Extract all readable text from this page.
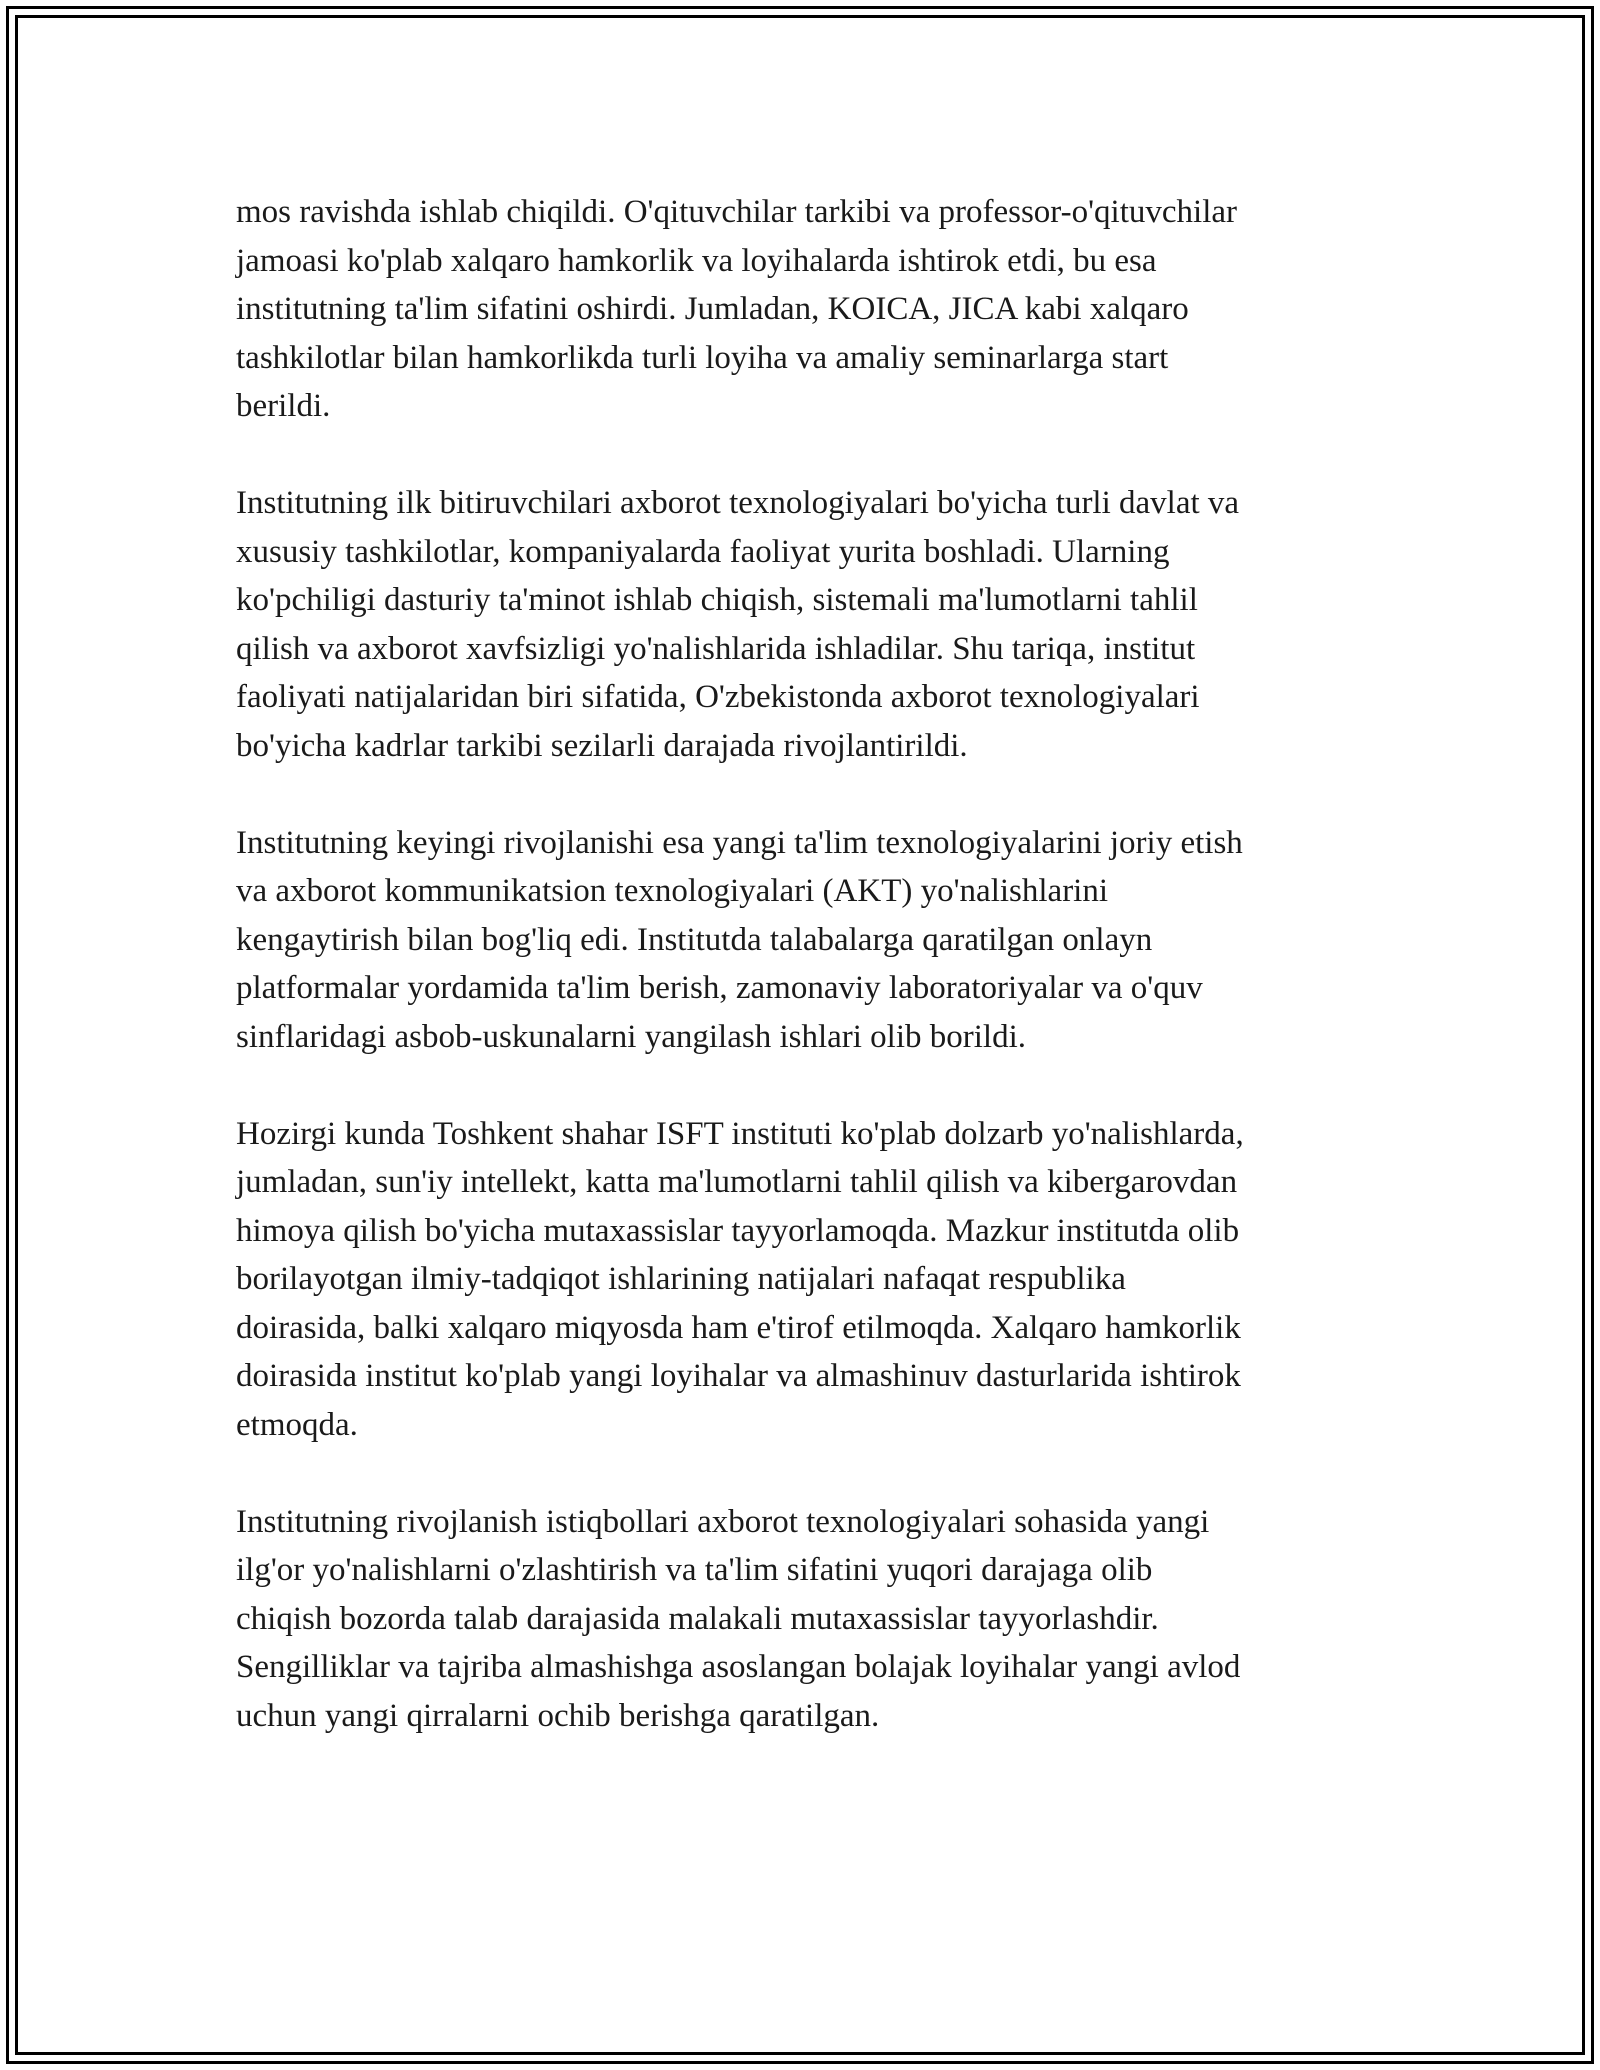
mos ravishda ishlab chiqildi. O'qituvchilar tarkibi va professor-o'qituvchilar
jamoasi ko'plab xalqaro hamkorlik va loyihalarda ishtirok etdi, bu esa
institutning ta'lim sifatini oshirdi. Jumladan, KOICA, JICA kabi xalqaro
tashkilotlar bilan hamkorlikda turli loyiha va amaliy seminarlarga start
berildi.

Institutning ilk bitiruvchilari axborot texnologiyalari bo'yicha turli davlat va
xususiy tashkilotlar, kompaniyalarda faoliyat yurita boshladi. Ularning
ko'pchiligi dasturiy ta'minot ishlab chiqish, sistemali ma'lumotlarni tahlil
qilish va axborot xavfsizligi yo'nalishlarida ishladilar. Shu tariqa, institut
faoliyati natijalaridan biri sifatida, O'zbekistonda axborot texnologiyalari
bo'yicha kadrlar tarkibi sezilarli darajada rivojlantirildi.

Institutning keyingi rivojlanishi esa yangi ta'lim texnologiyalarini joriy etish
va axborot kommunikatsion texnologiyalari (AKT) yo'nalishlarini
kengaytirish bilan bog'liq edi. Institutda talabalarga qaratilgan onlayn
platformalar yordamida ta'lim berish, zamonaviy laboratoriyalar va o'quv
sinflaridagi asbob-uskunalarni yangilash ishlari olib borildi.

Hozirgi kunda Toshkent shahar ISFT instituti ko'plab dolzarb yo'nalishlarda,
jumladan, sun'iy intellekt, katta ma'lumotlarni tahlil qilish va kibergarovdan
himoya qilish bo'yicha mutaxassislar tayyorlamoqda. Mazkur institutda olib
borilayotgan ilmiy-tadqiqot ishlarining natijalari nafaqat respublika
doirasida, balki xalqaro miqyosda ham e'tirof etilmoqda. Xalqaro hamkorlik
doirasida institut ko'plab yangi loyihalar va almashinuv dasturlarida ishtirok
etmoqda.

Institutning rivojlanish istiqbollari axborot texnologiyalari sohasida yangi
ilg'or yo'nalishlarni o'zlashtirish va ta'lim sifatini yuqori darajaga olib
chiqish bozorda talab darajasida malakali mutaxassislar tayyorlashdir.
Sengilliklar va tajriba almashishga asoslangan bolajak loyihalar yangi avlod
uchun yangi qirralarni ochib berishga qaratilgan.
